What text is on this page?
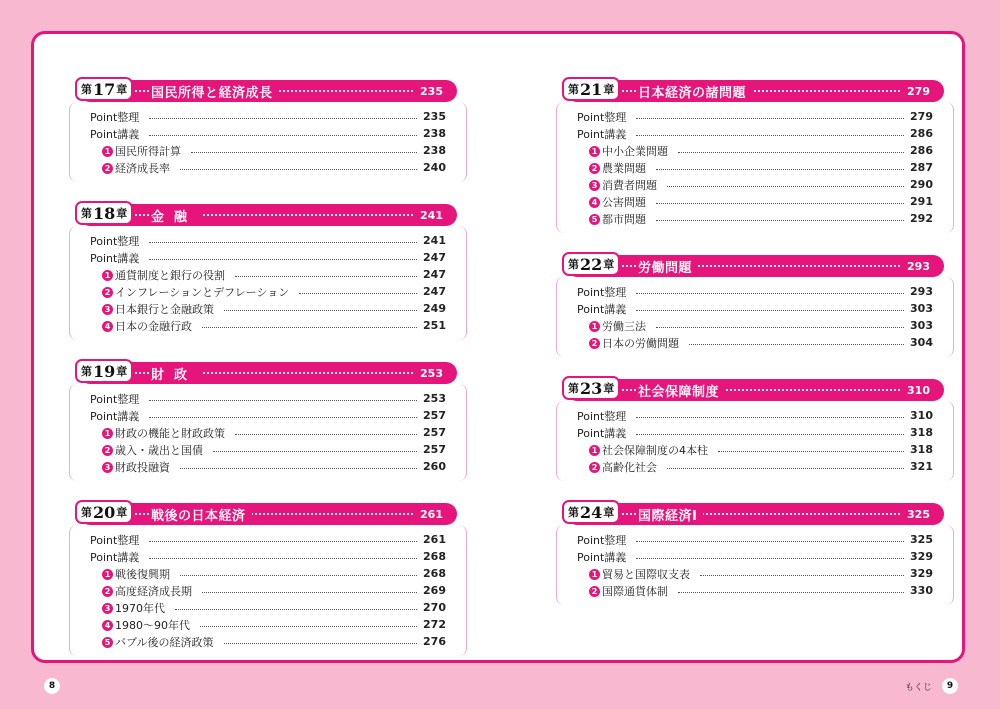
第 17 章 国民所得と経済成長	235
Point整理	235
Point講義	238
1 国民所得計算	238
2 経済成長率	240
第 18 章 金融	241
Point整理	241
Point講義	247
1 通貨制度と銀行の役割	247
2 インフレーションとデフレーション	247
3 日本銀行と金融政策	249
4 日本の金融行政	251
第 19 章 財政	253
Point整理	253
Point講義	257
1 財政の機能と財政政策	257
2 歳入・歳出と国債	257
3 財政投融資	260
第 20 章 戦後の日本経済	261
Point整理	261
Point講義	268
1 戦後復興期	268
2 高度経済成長期	269
3 1970年代	270
4 1980～90年代	272
5 バブル後の経済政策	276
第 21 章 日本経済の諸問題	279
Point整理	279
Point講義	286
1 中小企業問題	286
2 農業問題	287
3 消費者問題	290
4 公害問題	291
5 都市問題	292
第 22 章 労働問題	293
Point整理	293
Point講義	303
1 労働三法	303
2 日本の労働問題	304
第 23 章 社会保障制度	310
Point整理	310
Point講義	318
1 社会保障制度の4本柱	318
2 高齢化社会	321
第 24 章 国際経済Ⅰ	325
Point整理	325
Point講義	329
1 貿易と国際収支表	329
2 国際通貨体制	330
8	もくじ	9
